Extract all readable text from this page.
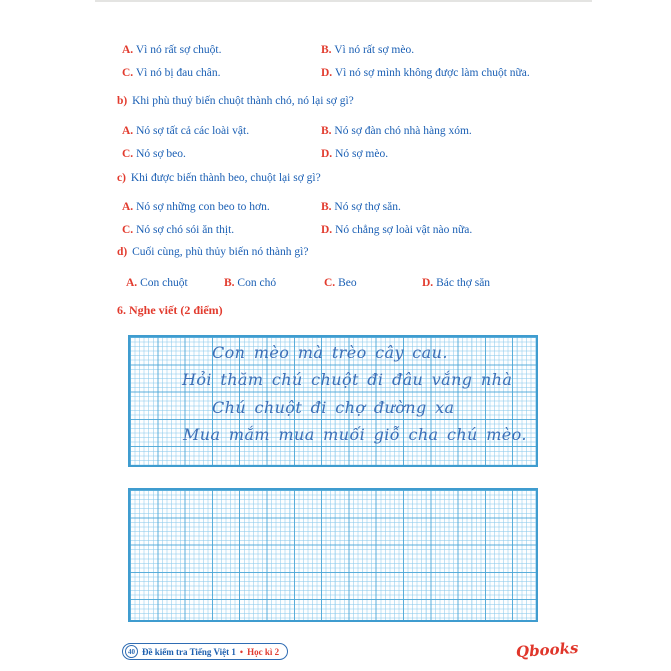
A. Vì nó rất sợ chuột.	B. Vì nó rất sợ mèo.
C. Vì nó bị đau chân.	D. Vì nó sợ mình không được làm chuột nữa.
b) Khi phù thuỷ biến chuột thành chó, nó lại sợ gì?
A. Nó sợ tất cả các loài vật.	B. Nó sợ đàn chó nhà hàng xóm.
C. Nó sợ beo.	D. Nó sợ mèo.
c) Khi được biến thành beo, chuột lại sợ gì?
A. Nó sợ những con beo to hơn.	B. Nó sợ thợ săn.
C. Nó sợ chó sói ăn thịt.	D. Nó chẳng sợ loài vật nào nữa.
d) Cuối cùng, phù thủy biến nó thành gì?
A. Con chuột	B. Con chó	C. Beo	D. Bác thợ săn
6. Nghe viết (2 điểm)
Con mèo mà trèo cây cau.
Hỏi thăm chú chuột đi đâu vắng nhà
Chú chuột đi chợ đường xa
Mua mắm mua muối giỗ cha chú mèo.
40 Đề kiểm tra Tiếng Việt 1 • Học kì 2	Qbooks
